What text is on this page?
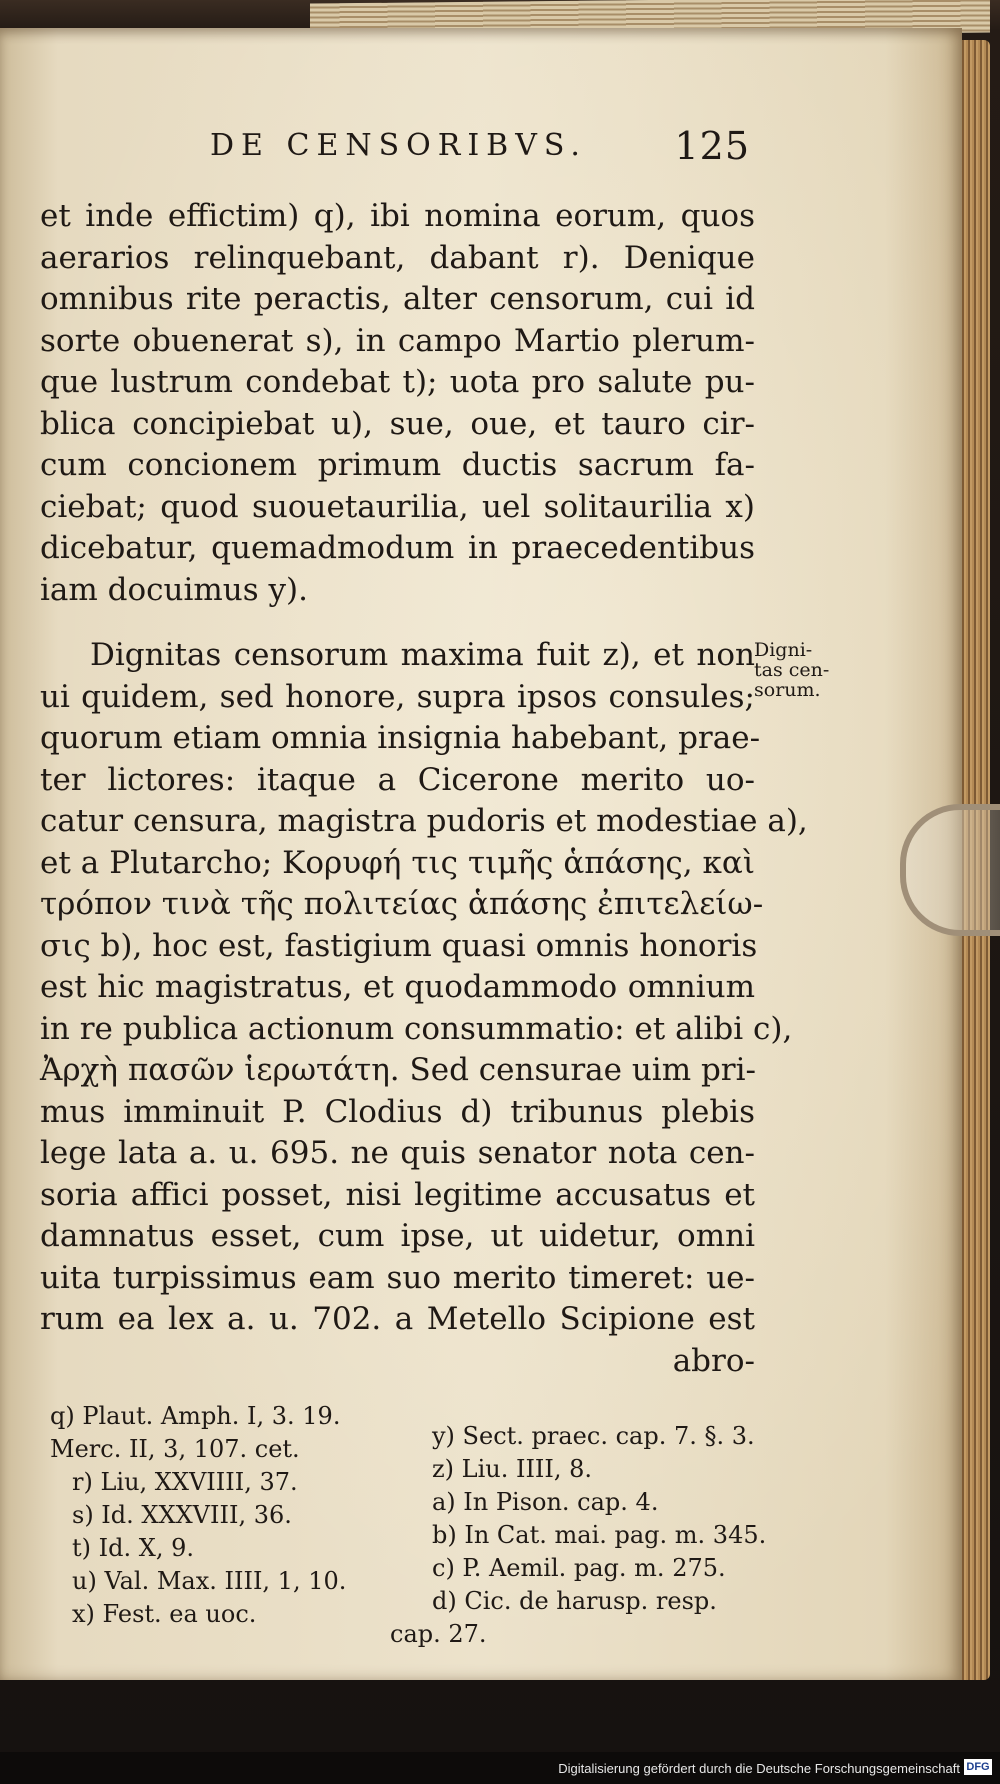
DE CENSORIBVS. 125
et inde effictim) q), ibi nomina eorum, quos
aerarios relinquebant, dabant r). Denique
omnibus rite peractis, alter censorum, cui id
sorte obuenerat s), in campo Martio plerum-
que lustrum condebat t); uota pro salute pu-
blica concipiebat u), sue, oue, et tauro cir-
cum concionem primum ductis sacrum fa-
ciebat; quod suouetaurilia, uel solitaurilia x)
dicebatur, quemadmodum in praecedentibus
iam docuimus y).
Dignitas censorum maxima fuit z), et non
ui quidem, sed honore, supra ipsos consules;
quorum etiam omnia insignia habebant, prae-
ter lictores: itaque a Cicerone merito uo-
catur censura, magistra pudoris et modestiae a),
et a Plutarcho; Κορυφή τις τιμῆς ἁπάσης, καὶ
τρόπον τινὰ τῆς πολιτείας ἁπάσης ἐπιτελείω-
σις b), hoc est, fastigium quasi omnis honoris
est hic magistratus, et quodammodo omnium
in re publica actionum consummatio: et alibi c),
Ἀρχὴ πασῶν ἱερωτάτη. Sed censurae uim pri-
mus imminuit P. Clodius d) tribunus plebis
lege lata a. u. 695. ne quis senator nota cen-
soria affici posset, nisi legitime accusatus et
damnatus esset, cum ipse, ut uidetur, omni
uita turpissimus eam suo merito timeret: ue-
rum ea lex a. u. 702. a Metello Scipione est
abro-
Digni-
tas cen-
sorum.
q) Plaut. Amph. I, 3. 19.
Merc. II, 3, 107. cet.
r) Liu, XXVIIII, 37.
s) Id. XXXVIII, 36.
t) Id. X, 9.
u) Val. Max. IIII, 1, 10.
x) Fest. ea uoc.
y) Sect. praec. cap. 7. §. 3.
z) Liu. IIII, 8.
a) In Pison. cap. 4.
b) In Cat. mai. pag. m. 345.
c) P. Aemil. pag. m. 275.
d) Cic. de harusp. resp.
cap. 27.
Digitalisierung gefördert durch die Deutsche Forschungsgemeinschaft DFG
